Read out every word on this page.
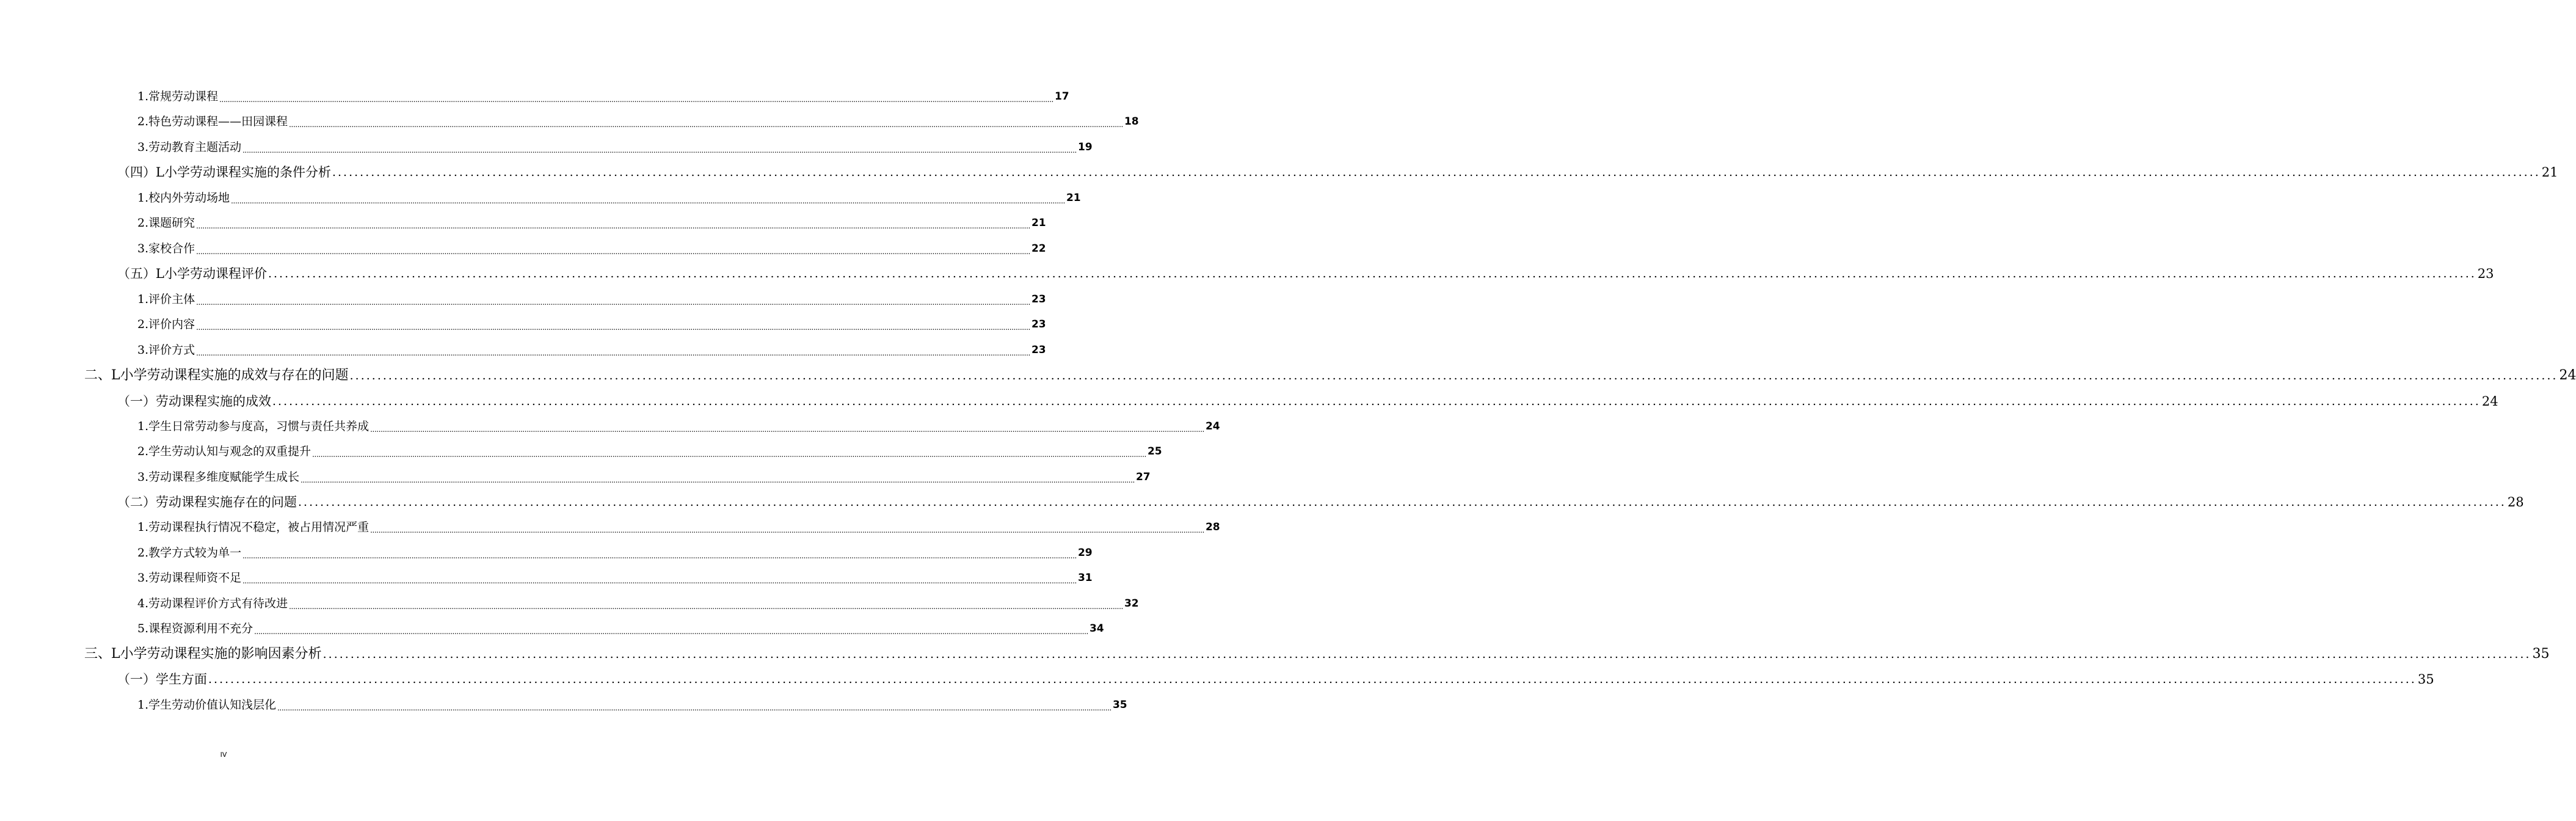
1.常规劳动课程 ................................................................................................................................................................................................................................................................................................................................................................................................................ 17
2.特色劳动课程——田园课程 ................................................................................................................................................................................................................................................................................................................................................................................................................ 18
3.劳动教育主题活动 ................................................................................................................................................................................................................................................................................................................................................................................................................ 19
（四）L小学劳动课程实施的条件分析 ................................................................................................................................................................................................................................................................................................................................................................................................................ 21
1.校内外劳动场地 ................................................................................................................................................................................................................................................................................................................................................................................................................ 21
2.课题研究 ................................................................................................................................................................................................................................................................................................................................................................................................................ 21
3.家校合作 ................................................................................................................................................................................................................................................................................................................................................................................................................ 22
（五）L小学劳动课程评价 ................................................................................................................................................................................................................................................................................................................................................................................................................ 23
1.评价主体 ................................................................................................................................................................................................................................................................................................................................................................................................................ 23
2.评价内容 ................................................................................................................................................................................................................................................................................................................................................................................................................ 23
3.评价方式 ................................................................................................................................................................................................................................................................................................................................................................................................................ 23
二、L小学劳动课程实施的成效与存在的问题 ................................................................................................................................................................................................................................................................................................................................................................................................................ 24
（一）劳动课程实施的成效 ................................................................................................................................................................................................................................................................................................................................................................................................................ 24
1.学生日常劳动参与度高，习惯与责任共养成 ................................................................................................................................................................................................................................................................................................................................................................................................................ 24
2.学生劳动认知与观念的双重提升 ................................................................................................................................................................................................................................................................................................................................................................................................................ 25
3.劳动课程多维度赋能学生成长 ................................................................................................................................................................................................................................................................................................................................................................................................................ 27
（二）劳动课程实施存在的问题 ................................................................................................................................................................................................................................................................................................................................................................................................................ 28
1.劳动课程执行情况不稳定，被占用情况严重 ................................................................................................................................................................................................................................................................................................................................................................................................................ 28
2.教学方式较为单一 ................................................................................................................................................................................................................................................................................................................................................................................................................ 29
3.劳动课程师资不足 ................................................................................................................................................................................................................................................................................................................................................................................................................ 31
4.劳动课程评价方式有待改进 ................................................................................................................................................................................................................................................................................................................................................................................................................ 32
5.课程资源利用不充分 ................................................................................................................................................................................................................................................................................................................................................................................................................ 34
三、L小学劳动课程实施的影响因素分析 ................................................................................................................................................................................................................................................................................................................................................................................................................ 35
（一）学生方面 ................................................................................................................................................................................................................................................................................................................................................................................................................ 35
1.学生劳动价值认知浅层化 ................................................................................................................................................................................................................................................................................................................................................................................................................ 35
IV
